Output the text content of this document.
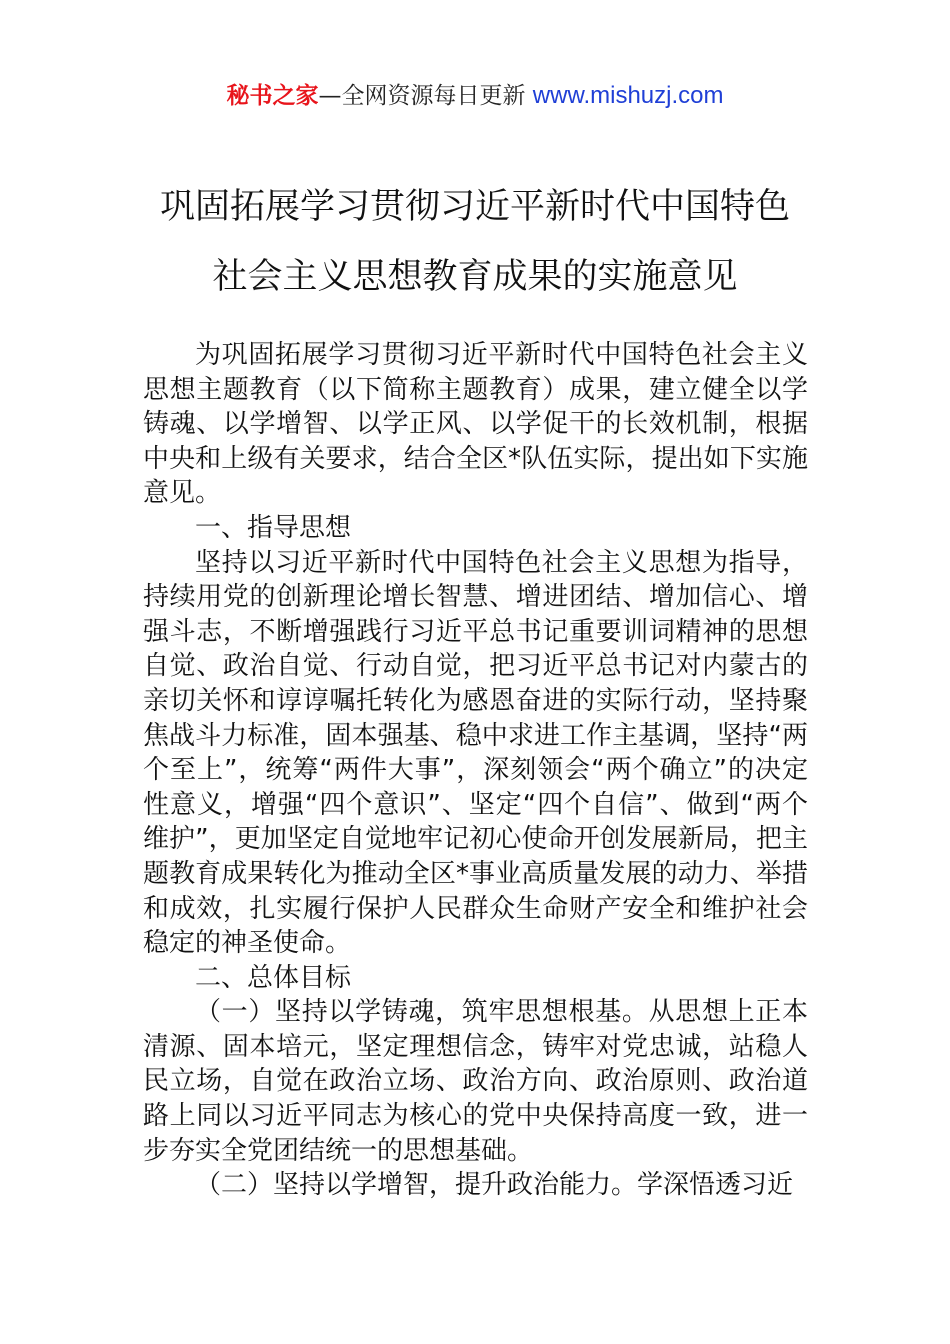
秘书之家—全网资源每日更新 www.mishuzj.com
巩固拓展学习贯彻习近平新时代中国特色
社会主义思想教育成果的实施意见

为巩固拓展学习贯彻习近平新时代中国特色社会主义思想主题教育（以下简称主题教育）成果，建立健全以学铸魂、以学增智、以学正风、以学促干的长效机制，根据中央和上级有关要求，结合全区*队伍实际，提出如下实施意见。

一、指导思想

坚持以习近平新时代中国特色社会主义思想为指导，持续用党的创新理论增长智慧、增进团结、增加信心、增强斗志，不断增强践行习近平总书记重要训词精神的思想自觉、政治自觉、行动自觉，把习近平总书记对内蒙古的亲切关怀和谆谆嘱托转化为感恩奋进的实际行动，坚持聚焦战斗力标准，固本强基、稳中求进工作主基调，坚持“两个至上”，统筹“两件大事”，深刻领会“两个确立”的决定性意义，增强“四个意识”、坚定“四个自信”、做到“两个维护”，更加坚定自觉地牢记初心使命开创发展新局，把主题教育成果转化为推动全区*事业高质量发展的动力、举措和成效，扎实履行保护人民群众生命财产安全和维护社会稳定的神圣使命。

二、总体目标

（一）坚持以学铸魂，筑牢思想根基。从思想上正本清源、固本培元，坚定理想信念，铸牢对党忠诚，站稳人民立场，自觉在政治立场、政治方向、政治原则、政治道路上同以习近平同志为核心的党中央保持高度一致，进一步夯实全党团结统一的思想基础。

（二）坚持以学增智，提升政治能力。学深悟透习近
